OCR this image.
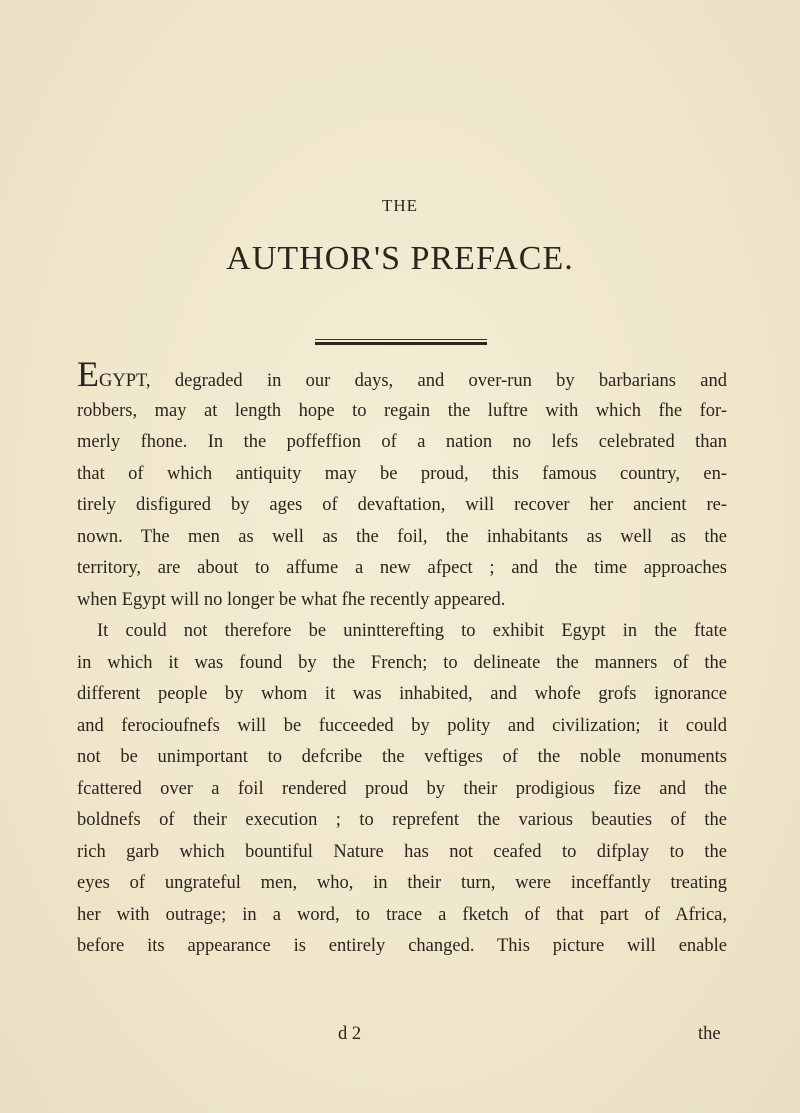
THE
AUTHOR'S PREFACE.
EGYPT, degraded in our days, and over-run by barbarians and
robbers, may at length hope to regain the luftre with which fhe for-
merly fhone. In the poffeffion of a nation no lefs celebrated than
that of which antiquity may be proud, this famous country, en-
tirely disfigured by ages of devaftation, will recover her ancient re-
nown. The men as well as the foil, the inhabitants as well as the
territory, are about to affume a new afpect ; and the time approaches
when Egypt will no longer be what fhe recently appeared.
It could not therefore be unintterefting to exhibit Egypt in the ftate
in which it was found by the French; to delineate the manners of the
different people by whom it was inhabited, and whofe grofs ignorance
and ferocioufnefs will be fucceeded by polity and civilization; it could
not be unimportant to defcribe the veftiges of the noble monuments
fcattered over a foil rendered proud by their prodigious fize and the
boldnefs of their execution ; to reprefent the various beauties of the
rich garb which bountiful Nature has not ceafed to difplay to the
eyes of ungrateful men, who, in their turn, were inceffantly treating
her with outrage; in a word, to trace a fketch of that part of Africa,
before its appearance is entirely changed. This picture will enable
d 2	the
